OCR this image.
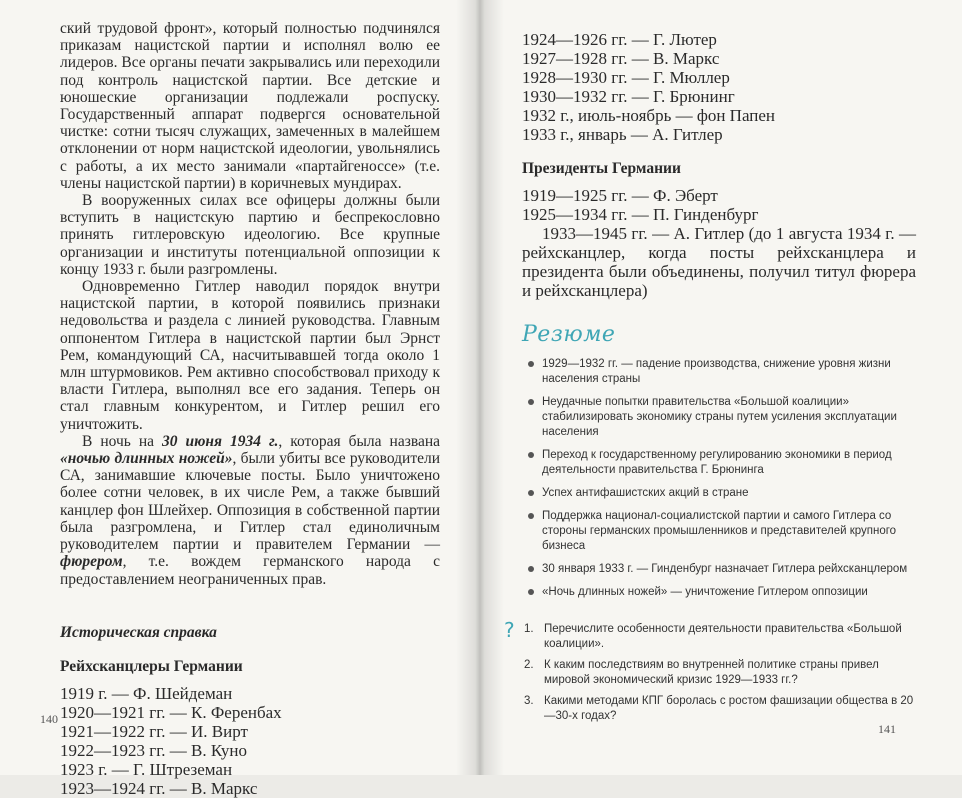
ский трудовой фронт», который полностью подчинялся приказам нацистской партии и исполнял волю ее лидеров. Все органы печати закрывались или переходили под контроль нацистской партии. Все детские и юношеские организации подлежали роспуску. Государственный аппарат подвергся основательной чистке: сотни тысяч служащих, замеченных в малейшем отклонении от норм нацистской идеологии, увольнялись с работы, а их место занимали «партайгеноссе» (т.е. члены нацистской партии) в коричневых мундирах.

В вооруженных силах все офицеры должны были вступить в нацистскую партию и беспрекословно принять гитлеровскую идеологию. Все крупные организации и институты потенциальной оппозиции к концу 1933 г. были разгромлены.

Одновременно Гитлер наводил порядок внутри нацистской партии, в которой появились признаки недовольства и раздела с линией руководства. Главным оппонентом Гитлера в нацистской партии был Эрнст Рем, командующий СА, насчитывавшей тогда около 1 млн штурмовиков. Рем активно способствовал приходу к власти Гитлера, выполнял все его задания. Теперь он стал главным конкурентом, и Гитлер решил его уничтожить.

В ночь на 30 июня 1934 г., которая была названа «ночью длинных ножей», были убиты все руководители СА, занимавшие ключевые посты. Было уничтожено более сотни человек, в их числе Рем, а также бывший канцлер фон Шлейхер. Оппозиция в собственной партии была разгромлена, и Гитлер стал единоличным руководителем партии и правителем Германии — фюрером, т.е. вождем германского народа с предоставлением неограниченных прав.

Историческая справка
Рейхсканцлеры Германии

1919 г. — Ф. Шейдеман

1920—1921 гг. — К. Ференбах

1921—1922 гг. — И. Вирт

1922—1923 гг. — В. Куно

1923 г. — Г. Штреземан

1923—1924 гг. — В. Маркс

140

1924—1926 гг. — Г. Лютер

1927—1928 гг. — В. Маркс

1928—1930 гг. — Г. Мюллер

1930—1932 гг. — Г. Брюнинг

1932 г., июль-ноябрь — фон Папен

1933 г., январь — А. Гитлер

Президенты Германии

1919—1925 гг. — Ф. Эберт

1925—1934 гг. — П. Гинденбург

1933—1945 гг. — А. Гитлер (до 1 августа 1934 г. — рейхсканцлер, когда посты рейхсканцлера и президента были объединены, получил титул фюрера и рейхсканцлера)

Резюме
1929—1932 гг. — падение производства, снижение уровня жизни населения страны
Неудачные попытки правительства «Большой коалиции» стабилизировать экономику страны путем усиления эксплуатации населения
Переход к государственному регулированию экономики в период деятельности правительства Г. Брюнинга
Успех антифашистских акций в стране
Поддержка национал-социалистской партии и самого Гитлера со стороны германских промышленников и представителей крупного бизнеса
30 января 1933 г. — Гинденбург назначает Гитлера рейхсканцлером
«Ночь длинных ножей» — уничтожение Гитлером оппозиции
? 1. Перечислите особенности деятельности правительства «Большой коалиции».
2. К каким последствиям во внутренней политике страны привел мировой экономический кризис 1929—1933 гг.?
3. Какими методами КПГ боролась с ростом фашизации общества в 20—30-х годах?
141
